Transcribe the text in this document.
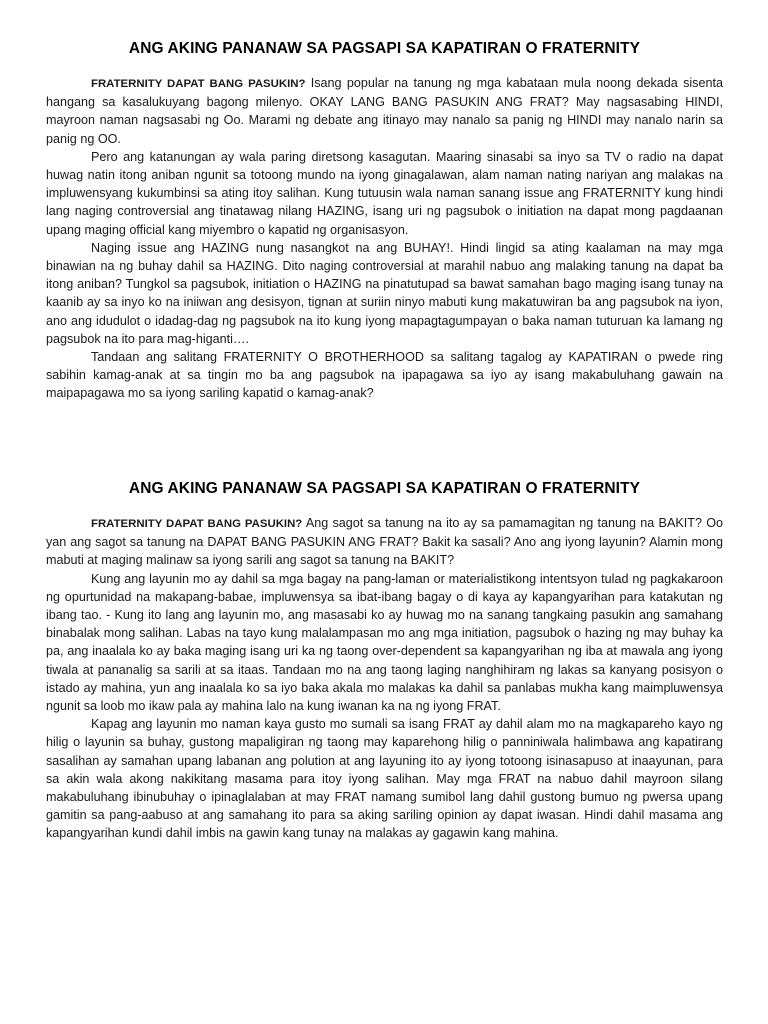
ANG AKING PANANAW SA PAGSAPI SA KAPATIRAN O FRATERNITY

FRATERNITY DAPAT BANG PASUKIN? Isang popular na tanung ng mga kabataan mula noong dekada sisenta hangang sa kasalukuyang bagong milenyo. OKAY LANG BANG PASUKIN ANG FRAT? May nagsasabing HINDI, mayroon naman nagsasabi ng Oo. Marami ng debate ang itinayo may nanalo sa panig ng HINDI may nanalo narin sa panig ng OO.

Pero ang katanungan ay wala paring diretsong kasagutan. Maaring sinasabi sa inyo sa TV o radio na dapat huwag natin itong aniban ngunit sa totoong mundo na iyong ginagalawan, alam naman nating nariyan ang malakas na impluwensyang kukumbinsi sa ating itoy salihan. Kung tutuusin wala naman sanang issue ang FRATERNITY kung hindi lang naging controversial ang tinatawag nilang HAZING, isang uri ng pagsubok o initiation na dapat mong pagdaanan upang maging official kang miyembro o kapatid ng organisasyon.

Naging issue ang HAZING nung nasangkot na ang BUHAY!. Hindi lingid sa ating kaalaman na may mga binawian na ng buhay dahil sa HAZING. Dito naging controversial at marahil nabuo ang malaking tanung na dapat ba itong aniban? Tungkol sa pagsubok, initiation o HAZING na pinatutupad sa bawat samahan bago maging isang tunay na kaanib ay sa inyo ko na iniiwan ang desisyon, tignan at suriin ninyo mabuti kung makatuwiran ba ang pagsubok na iyon, ano ang idudulot o idadag-dag ng pagsubok na ito kung iyong mapagtagumpayan o baka naman tuturuan ka lamang ng pagsubok na ito para mag-higanti….

Tandaan ang salitang FRATERNITY O BROTHERHOOD sa salitang tagalog ay KAPATIRAN o pwede ring sabihin kamag-anak at sa tingin mo ba ang pagsubok na ipapagawa sa iyo ay isang makabuluhang gawain na maipapagawa mo sa iyong sariling kapatid o kamag-anak?

ANG AKING PANANAW SA PAGSAPI SA KAPATIRAN O FRATERNITY

FRATERNITY DAPAT BANG PASUKIN? Ang sagot sa tanung na ito ay sa pamamagitan ng tanung na BAKIT? Oo yan ang sagot sa tanung na DAPAT BANG PASUKIN ANG FRAT? Bakit ka sasali? Ano ang iyong layunin? Alamin mong mabuti at maging malinaw sa iyong sarili ang sagot sa tanung na BAKIT?

Kung ang layunin mo ay dahil sa mga bagay na pang-laman or materialistikong intentsyon tulad ng pagkakaroon ng opurtunidad na makapang-babae, impluwensya sa ibat-ibang bagay o di kaya ay kapangyarihan para katakutan ng ibang tao. - Kung ito lang ang layunin mo, ang masasabi ko ay huwag mo na sanang tangkaing pasukin ang samahang binabalak mong salihan. Labas na tayo kung malalampasan mo ang mga initiation, pagsubok o hazing ng may buhay ka pa, ang inaalala ko ay baka maging isang uri ka ng taong over-dependent sa kapangyarihan ng iba at mawala ang iyong tiwala at pananalig sa sarili at sa itaas. Tandaan mo na ang taong laging nanghihiram ng lakas sa kanyang posisyon o istado ay mahina, yun ang inaalala ko sa iyo baka akala mo malakas ka dahil sa panlabas mukha kang maimpluwensya ngunit sa loob mo ikaw pala ay mahina lalo na kung iwanan ka na ng iyong FRAT.

Kapag ang layunin mo naman kaya gusto mo sumali sa isang FRAT ay dahil alam mo na magkapareho kayo ng hilig o layunin sa buhay, gustong mapaligiran ng taong may kaparehong hilig o panniniwala halimbawa ang kapatirang sasalihan ay samahan upang labanan ang polution at ang layuning ito ay iyong totoong isinasapuso at inaayunan, para sa akin wala akong nakikitang masama para itoy iyong salihan. May mga FRAT na nabuo dahil mayroon silang makabuluhang ibinubuhay o ipinaglalaban at may FRAT namang sumibol lang dahil gustong bumuo ng pwersa upang gamitin sa pang-aabuso at ang samahang ito para sa aking sariling opinion ay dapat iwasan. Hindi dahil masama ang kapangyarihan kundi dahil imbis na gawin kang tunay na malakas ay gagawin kang mahina.
